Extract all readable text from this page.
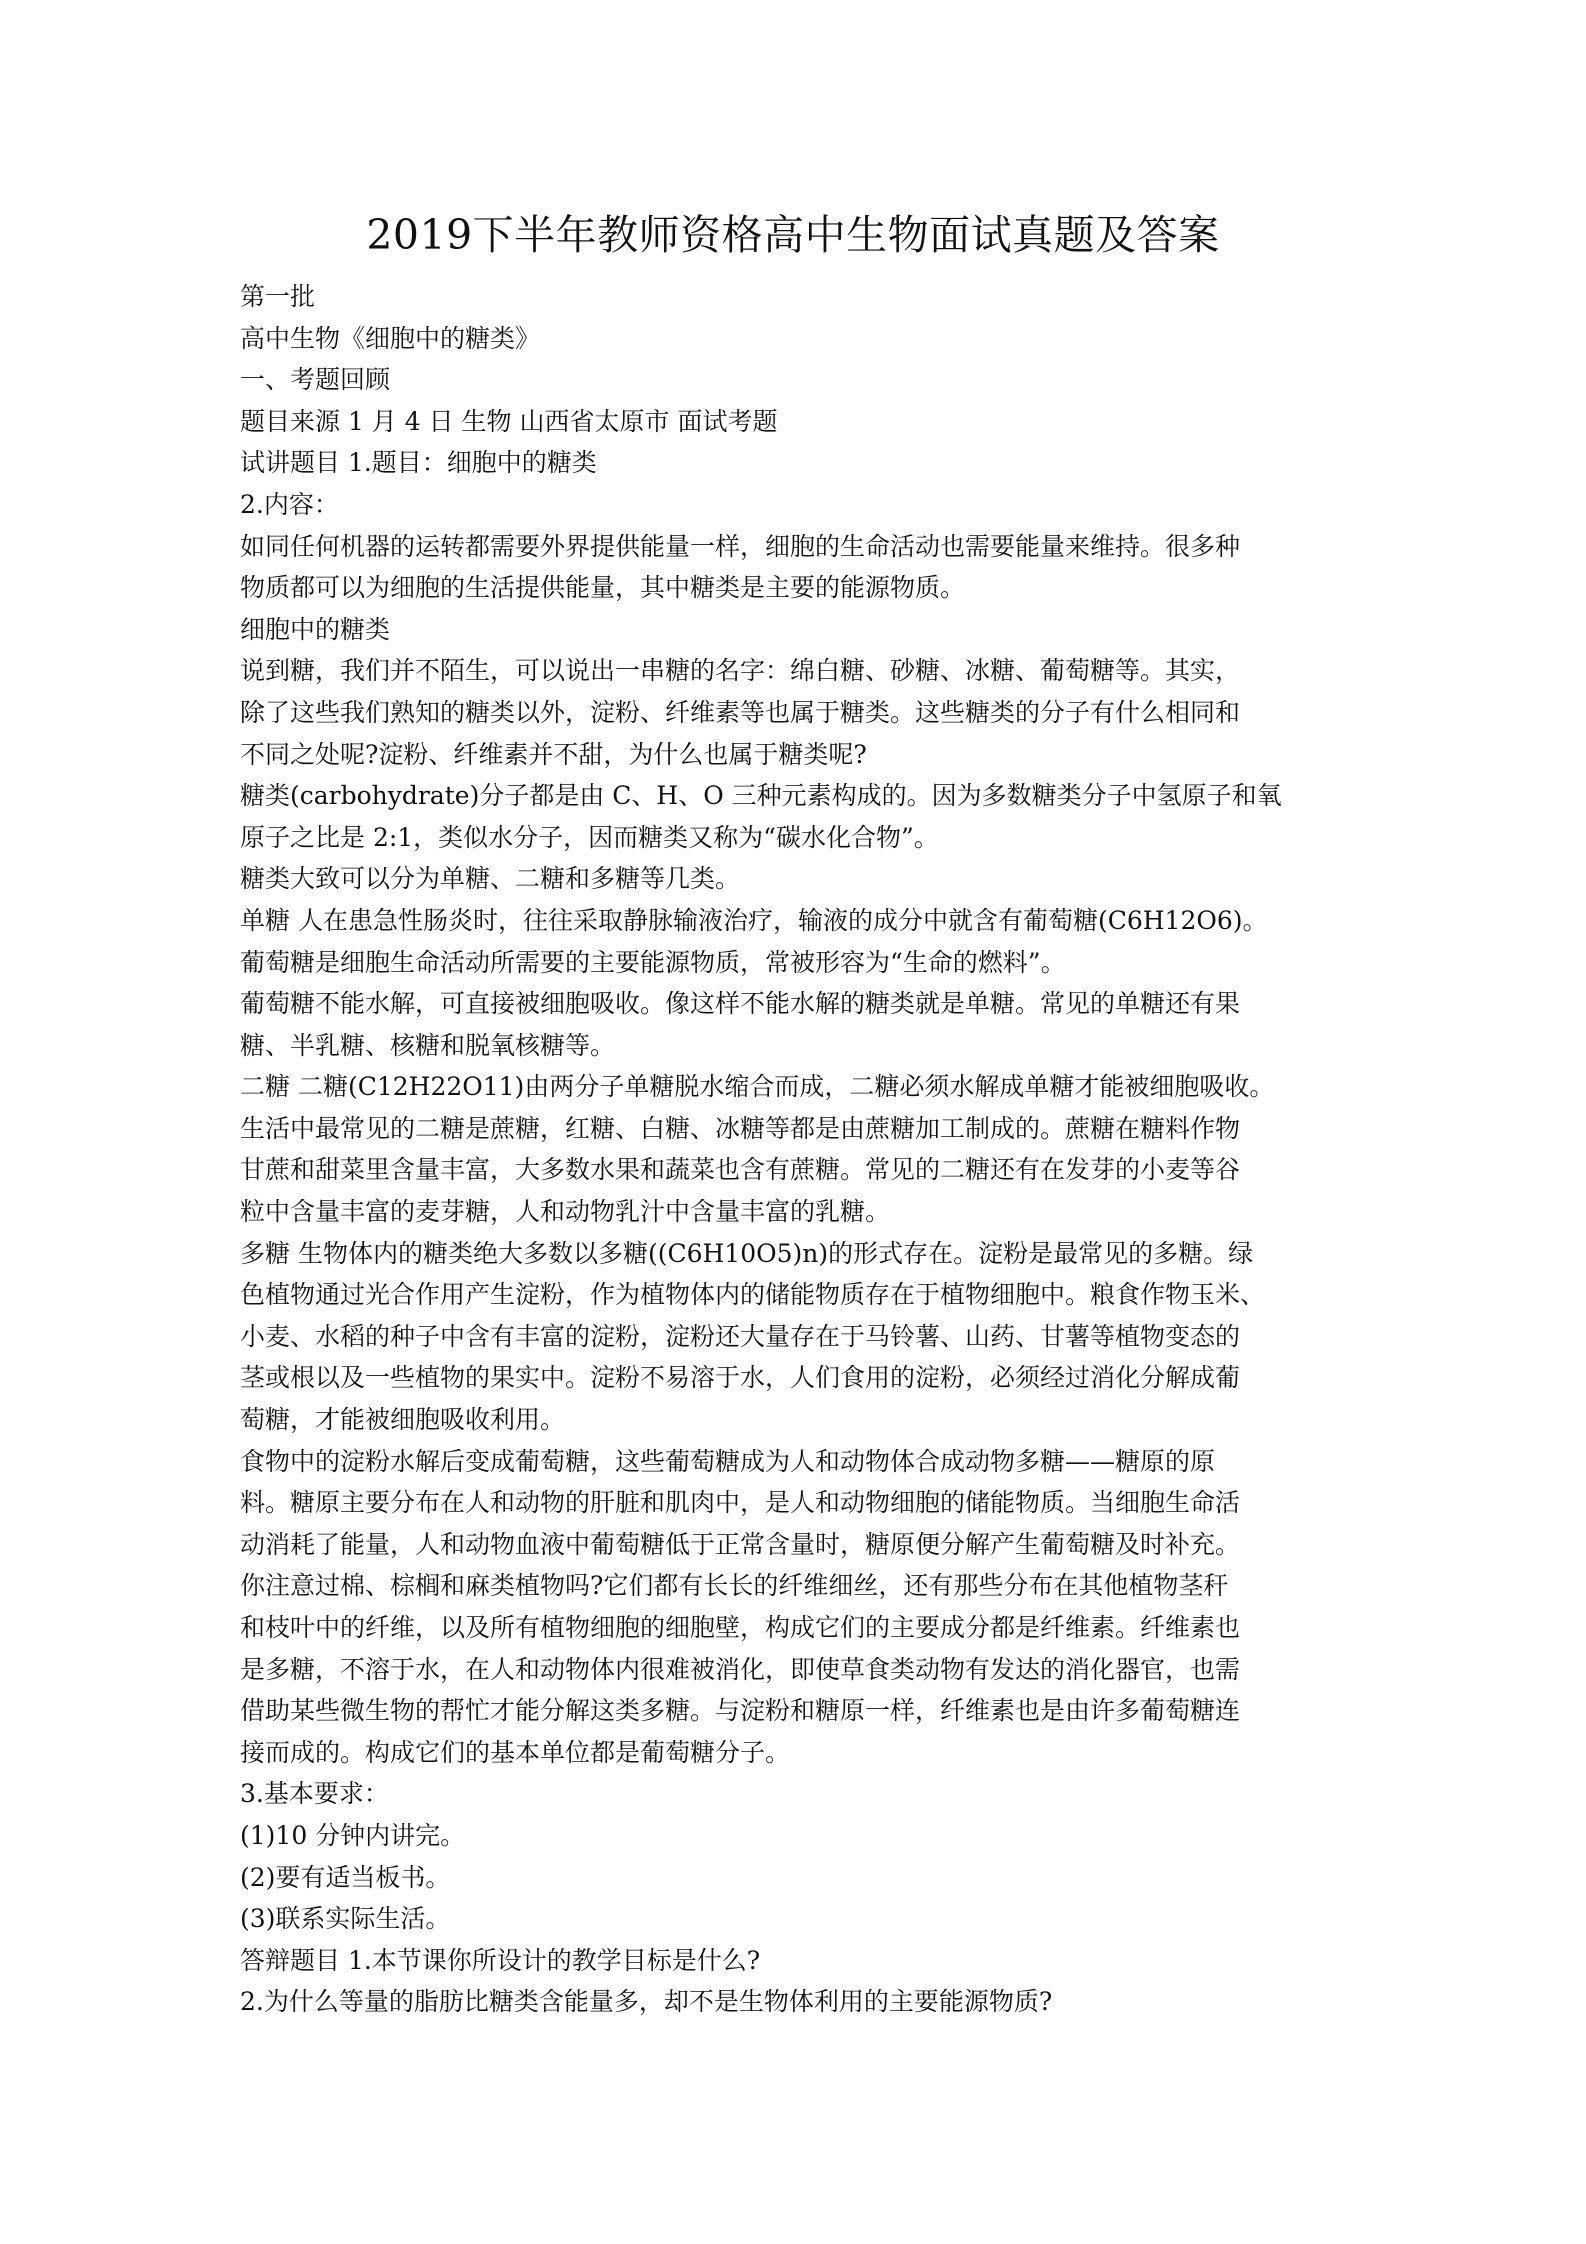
2019下半年教师资格高中生物面试真题及答案

第一批

高中生物《细胞中的糖类》

一、考题回顾

题目来源 1 月 4 日 生物 山西省太原市 面试考题

试讲题目 1.题目：细胞中的糖类

2.内容：

如同任何机器的运转都需要外界提供能量一样，细胞的生命活动也需要能量来维持。很多种

物质都可以为细胞的生活提供能量，其中糖类是主要的能源物质。

细胞中的糖类

说到糖，我们并不陌生，可以说出一串糖的名字：绵白糖、砂糖、冰糖、葡萄糖等。其实，

除了这些我们熟知的糖类以外，淀粉、纤维素等也属于糖类。这些糖类的分子有什么相同和

不同之处呢?淀粉、纤维素并不甜，为什么也属于糖类呢?

糖类(carbohydrate)分子都是由 C、H、O 三种元素构成的。因为多数糖类分子中氢原子和氧

原子之比是 2:1，类似水分子，因而糖类又称为“碳水化合物”。

糖类大致可以分为单糖、二糖和多糖等几类。

单糖 人在患急性肠炎时，往往采取静脉输液治疗，输液的成分中就含有葡萄糖(C6H12O6)。

葡萄糖是细胞生命活动所需要的主要能源物质，常被形容为“生命的燃料”。

葡萄糖不能水解，可直接被细胞吸收。像这样不能水解的糖类就是单糖。常见的单糖还有果

糖、半乳糖、核糖和脱氧核糖等。

二糖 二糖(C12H22O11)由两分子单糖脱水缩合而成，二糖必须水解成单糖才能被细胞吸收。

生活中最常见的二糖是蔗糖，红糖、白糖、冰糖等都是由蔗糖加工制成的。蔗糖在糖料作物

甘蔗和甜菜里含量丰富，大多数水果和蔬菜也含有蔗糖。常见的二糖还有在发芽的小麦等谷

粒中含量丰富的麦芽糖，人和动物乳汁中含量丰富的乳糖。

多糖 生物体内的糖类绝大多数以多糖((C6H10O5)n)的形式存在。淀粉是最常见的多糖。绿

色植物通过光合作用产生淀粉，作为植物体内的储能物质存在于植物细胞中。粮食作物玉米、

小麦、水稻的种子中含有丰富的淀粉，淀粉还大量存在于马铃薯、山药、甘薯等植物变态的

茎或根以及一些植物的果实中。淀粉不易溶于水，人们食用的淀粉，必须经过消化分解成葡

萄糖，才能被细胞吸收利用。

食物中的淀粉水解后变成葡萄糖，这些葡萄糖成为人和动物体合成动物多糖——糖原的原

料。糖原主要分布在人和动物的肝脏和肌肉中，是人和动物细胞的储能物质。当细胞生命活

动消耗了能量，人和动物血液中葡萄糖低于正常含量时，糖原便分解产生葡萄糖及时补充。

你注意过棉、棕榈和麻类植物吗?它们都有长长的纤维细丝，还有那些分布在其他植物茎秆

和枝叶中的纤维，以及所有植物细胞的细胞壁，构成它们的主要成分都是纤维素。纤维素也

是多糖，不溶于水，在人和动物体内很难被消化，即使草食类动物有发达的消化器官，也需

借助某些微生物的帮忙才能分解这类多糖。与淀粉和糖原一样，纤维素也是由许多葡萄糖连

接而成的。构成它们的基本单位都是葡萄糖分子。

3.基本要求：

(1)10 分钟内讲完。

(2)要有适当板书。

(3)联系实际生活。

答辩题目 1.本节课你所设计的教学目标是什么?

2.为什么等量的脂肪比糖类含能量多，却不是生物体利用的主要能源物质?
